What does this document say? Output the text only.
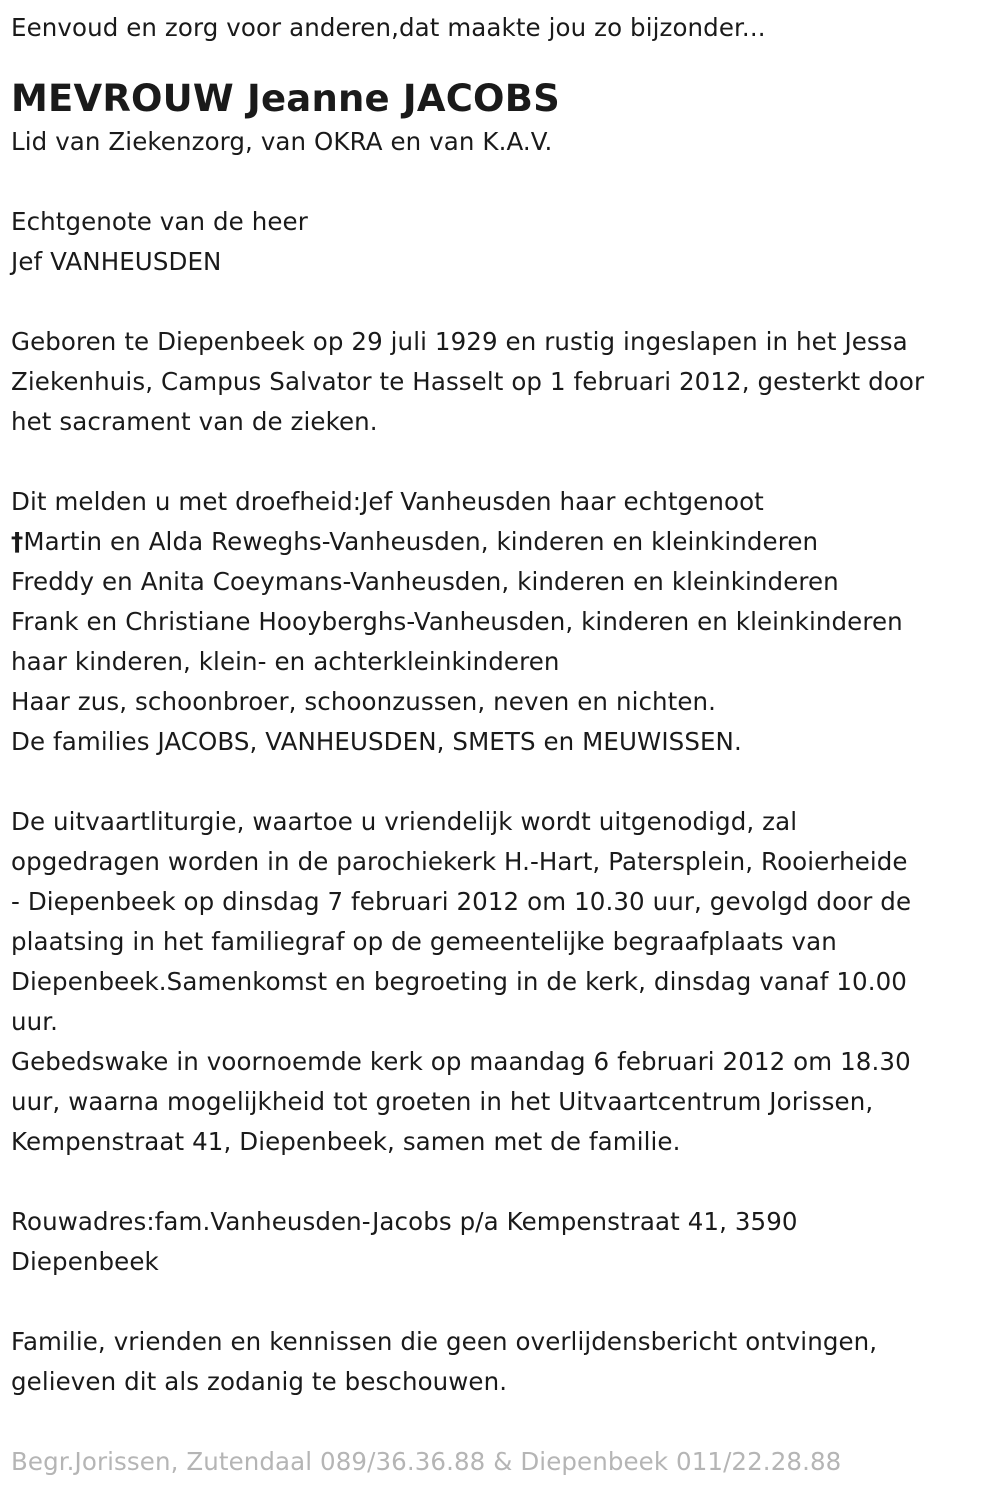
Eenvoud en zorg voor anderen,dat maakte jou zo bijzonder...
MEVROUW Jeanne JACOBS
Lid van Ziekenzorg, van OKRA en van K.A.V.
Echtgenote van de heer
Jef VANHEUSDEN
Geboren te Diepenbeek op 29 juli 1929 en rustig ingeslapen in het Jessa
Ziekenhuis, Campus Salvator te Hasselt op 1 februari 2012, gesterkt door
het sacrament van de zieken.
Dit melden u met droefheid:Jef Vanheusden haar echtgenoot
†Martin en Alda Reweghs-Vanheusden, kinderen en kleinkinderen
Freddy en Anita Coeymans-Vanheusden, kinderen en kleinkinderen
Frank en Christiane Hooyberghs-Vanheusden, kinderen en kleinkinderen
haar kinderen, klein- en achterkleinkinderen
Haar zus, schoonbroer, schoonzussen, neven en nichten.
De families JACOBS, VANHEUSDEN, SMETS en MEUWISSEN.
De uitvaartliturgie, waartoe u vriendelijk wordt uitgenodigd, zal
opgedragen worden in de parochiekerk H.-Hart, Patersplein, Rooierheide
- Diepenbeek op dinsdag 7 februari 2012 om 10.30 uur, gevolgd door de
plaatsing in het familiegraf op de gemeentelijke begraafplaats van
Diepenbeek.Samenkomst en begroeting in de kerk, dinsdag vanaf 10.00
uur.
Gebedswake in voornoemde kerk op maandag 6 februari 2012 om 18.30
uur, waarna mogelijkheid tot groeten in het Uitvaartcentrum Jorissen,
Kempenstraat 41, Diepenbeek, samen met de familie.
Rouwadres:fam.Vanheusden-Jacobs p/a Kempenstraat 41, 3590
Diepenbeek
Familie, vrienden en kennissen die geen overlijdensbericht ontvingen,
gelieven dit als zodanig te beschouwen.
Begr.Jorissen, Zutendaal 089/36.36.88 & Diepenbeek 011/22.28.88
